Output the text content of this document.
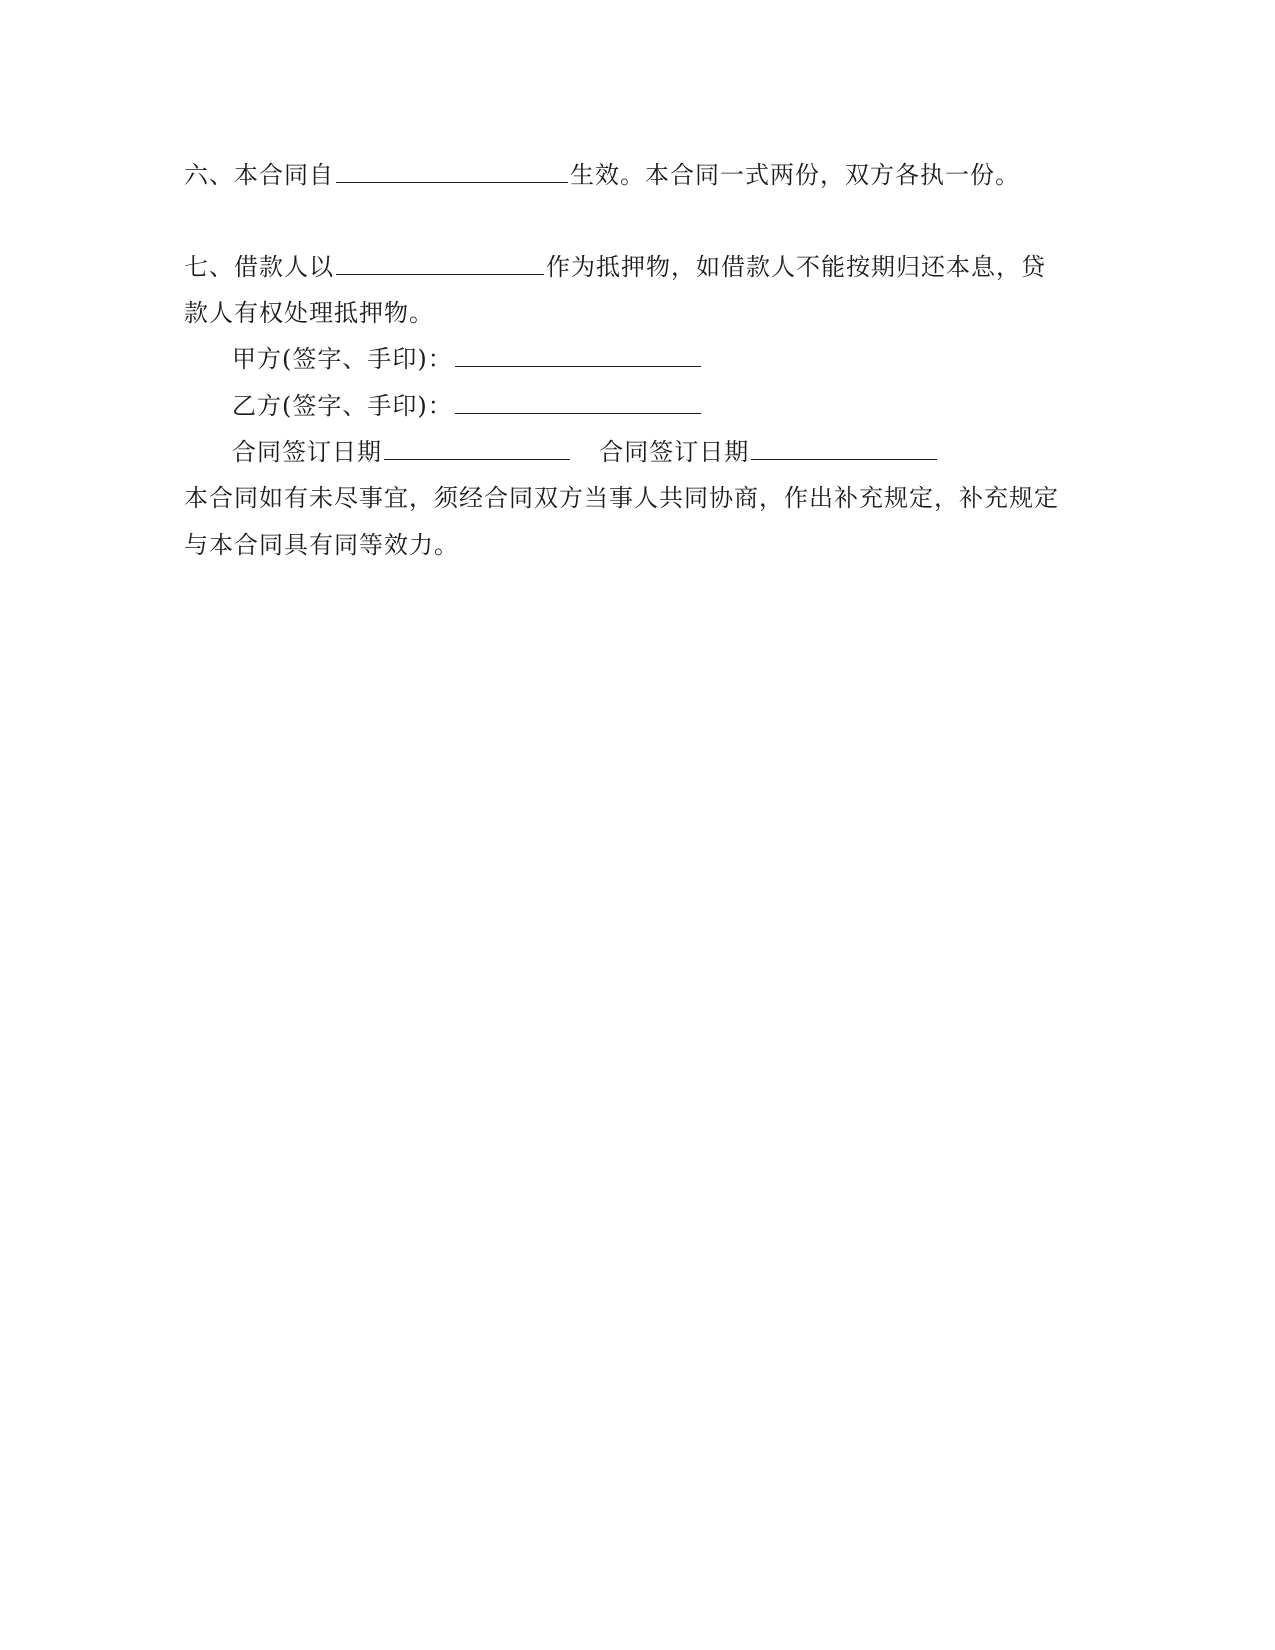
六、本合同自	生效。本合同一式两份，双方各执一份。
七、借款人以	作为抵押物，如借款人不能按期归还本息，贷
款人有权处理抵押物。
甲方(签字、手印)：
乙方(签字、手印)：
合同签订日期	合同签订日期
本合同如有未尽事宜，须经合同双方当事人共同协商，作出补充规定，补充规定
与本合同具有同等效力。
